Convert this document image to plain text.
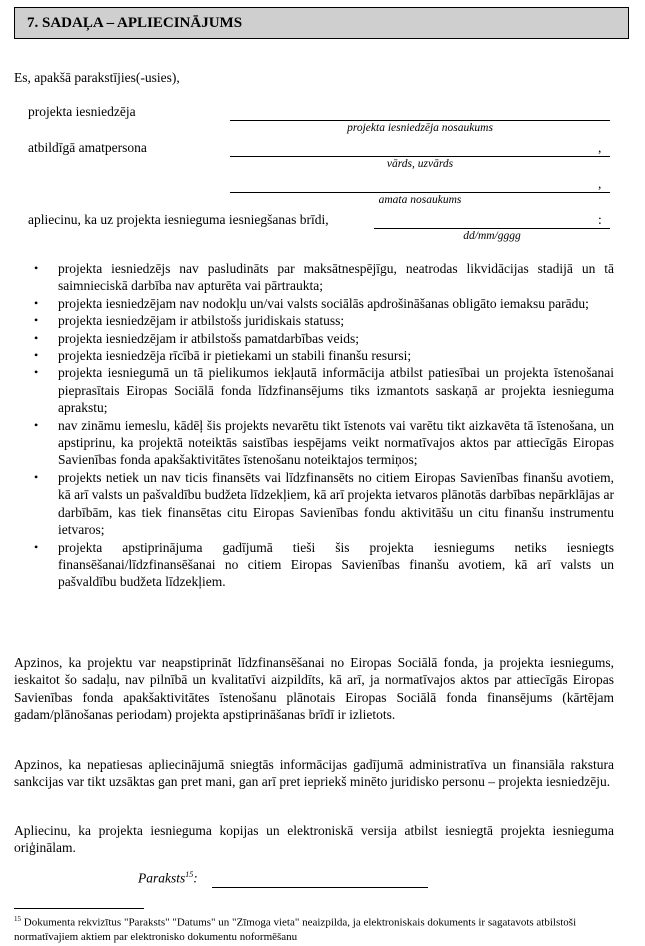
7. SADAĻA – APLIECINĀJUMS
Es, apakšā parakstījies(-usies),
projekta iesniedzēja
projekta iesniedzēja nosaukums
atbildīgā amatpersona	,
vārds, uzvārds
,
amata nosaukums
apliecinu, ka uz projekta iesnieguma iesniegšanas brīdi,	:
dd/mm/gggg
• projekta iesniedzējs nav pasludināts par maksātnespējīgu, neatrodas likvidācijas stadijā un tā saimnieciskā darbība nav apturēta vai pārtraukta;
• projekta iesniedzējam nav nodokļu un/vai valsts sociālās apdrošināšanas obligāto iemaksu parādu;
• projekta iesniedzējam ir atbilstošs juridiskais statuss;
• projekta iesniedzējam ir atbilstošs pamatdarbības veids;
• projekta iesniedzēja rīcībā ir pietiekami un stabili finanšu resursi;
• projekta iesniegumā un tā pielikumos iekļautā informācija atbilst patiesībai un projekta īstenošanai pieprasītais Eiropas Sociālā fonda līdzfinansējums tiks izmantots saskaņā ar projekta iesnieguma aprakstu;
• nav zināmu iemeslu, kādēļ šis projekts nevarētu tikt īstenots vai varētu tikt aizkavēta tā īstenošana, un apstiprinu, ka projektā noteiktās saistības iespējams veikt normatīvajos aktos par attiecīgās Eiropas Savienības fonda apakšaktivitātes īstenošanu noteiktajos termiņos;
• projekts netiek un nav ticis finansēts vai līdzfinansēts no citiem Eiropas Savienības finanšu avotiem, kā arī valsts un pašvaldību budžeta līdzekļiem, kā arī projekta ietvaros plānotās darbības nepārklājas ar darbībām, kas tiek finansētas citu Eiropas Savienības fondu aktivitāšu un citu finanšu instrumentu ietvaros;
• projekta apstiprinājuma gadījumā tieši šis projekta iesniegums netiks iesniegts finansēšanai/līdzfinansēšanai no citiem Eiropas Savienības finanšu avotiem, kā arī valsts un pašvaldību budžeta līdzekļiem.

Apzinos, ka projektu var neapstiprināt līdzfinansēšanai no Eiropas Sociālā fonda, ja projekta iesniegums, ieskaitot šo sadaļu, nav pilnībā un kvalitatīvi aizpildīts, kā arī, ja normatīvajos aktos par attiecīgās Eiropas Savienības fonda apakšaktivitātes īstenošanu plānotais Eiropas Sociālā fonda finansējums (kārtējam gadam/plānošanas periodam) projekta apstiprināšanas brīdī ir izlietots.

Apzinos, ka nepatiesas apliecinājumā sniegtās informācijas gadījumā administratīva un finansiāla rakstura sankcijas var tikt uzsāktas gan pret mani, gan arī pret iepriekš minēto juridisko personu – projekta iesniedzēju.

Apliecinu, ka projekta iesnieguma kopijas un elektroniskā versija atbilst iesniegtā projekta iesnieguma oriģinālam.

Paraksts$^{15}$:

$^{15}$ Dokumenta rekvizītus "Paraksts" "Datums" un "Zīmoga vieta" neaizpilda, ja elektroniskais dokuments ir sagatavots atbilstoši normatīvajiem aktiem par elektronisko dokumentu noformēšanu
